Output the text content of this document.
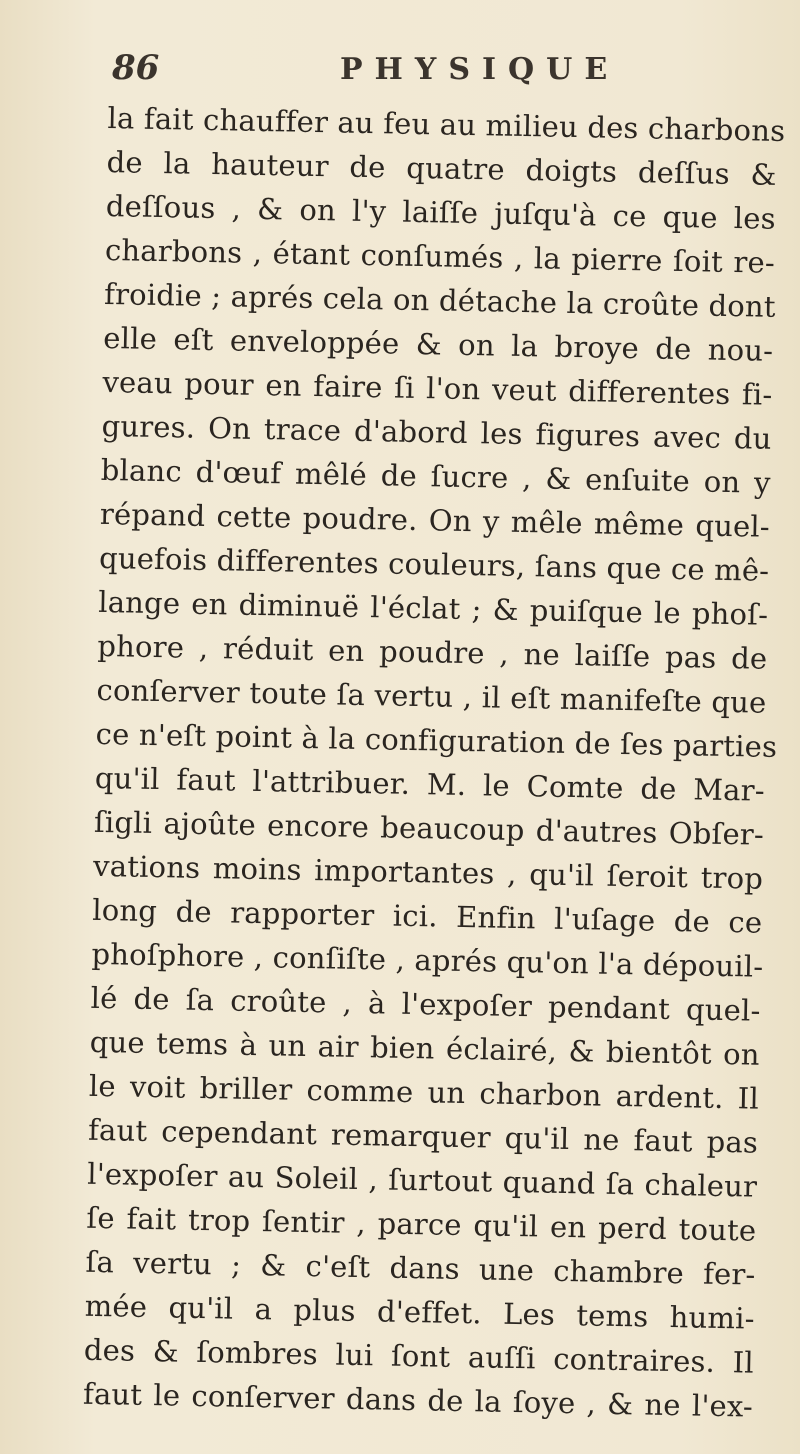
86	PHYSIQUE
la fait chauffer au feu au milieu des charbons
de la hauteur de quatre doigts deſſus &
deſſous , & on l'y laiſſe juſqu'à ce que les
charbons , étant conſumés , la pierre ſoit re-
froidie ; aprés cela on détache la croûte dont
elle eſt enveloppée & on la broye de nou-
veau pour en faire ſi l'on veut differentes fi-
gures. On trace d'abord les figures avec du
blanc d'œuf mêlé de ſucre , & enſuite on y
répand cette poudre. On y mêle même quel-
quefois differentes couleurs, ſans que ce mê-
lange en diminuë l'éclat ; & puiſque le phoſ-
phore , réduit en poudre , ne laiſſe pas de
conſerver toute ſa vertu , il eſt manifeſte que
ce n'eſt point à la configuration de ſes parties
qu'il faut l'attribuer. M. le Comte de Mar-
ſigli ajoûte encore beaucoup d'autres Obſer-
vations moins importantes , qu'il ſeroit trop
long de rapporter ici. Enfin l'uſage de ce
phoſphore , conſiſte , aprés qu'on l'a dépouil-
lé de ſa croûte , à l'expoſer pendant quel-
que tems à un air bien éclairé, & bientôt on
le voit briller comme un charbon ardent. Il
faut cependant remarquer qu'il ne faut pas
l'expoſer au Soleil , ſurtout quand ſa chaleur
ſe fait trop ſentir , parce qu'il en perd toute
ſa vertu ; & c'eſt dans une chambre fer-
mée qu'il a plus d'effet. Les tems humi-
des & ſombres lui ſont auſſi contraires. Il
faut le conſerver dans de la ſoye , & ne l'ex-
